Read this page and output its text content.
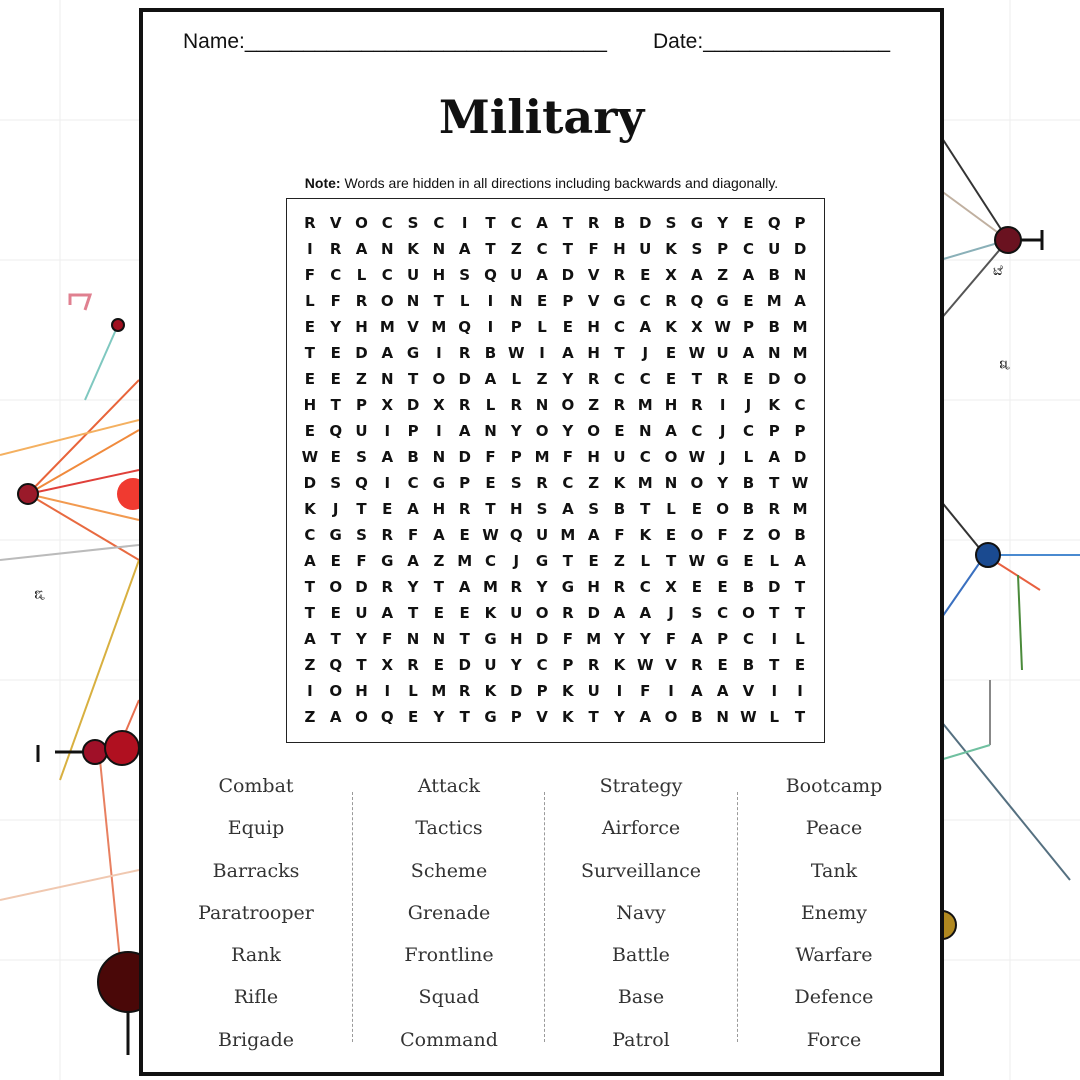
ಟೆ
ಡೆ
ಟೆ
Name:_______________________________ Date:________________
Military
Note: Words are hidden in all directions including backwards and diagonally.
R	V	O	C	S	C	I	T	C	A	T	R	B	D	S	G	Y	E	Q	P
I	R	A	N	K	N	A	T	Z	C	T	F	H	U	K	S	P	C	U	D
F	C	L	C	U	H	S	Q	U	A	D	V	R	E	X	A	Z	A	B	N
L	F	R	O	N	T	L	I	N	E	P	V	G	C	R	Q	G	E	M	A
E	Y	H	M	V	M	Q	I	P	L	E	H	C	A	K	X	W	P	B	M
T	E	D	A	G	I	R	B	W	I	A	H	T	J	E	W	U	A	N	M
E	E	Z	N	T	O	D	A	L	Z	Y	R	C	C	E	T	R	E	D	O
H	T	P	X	D	X	R	L	R	N	O	Z	R	M	H	R	I	J	K	C
E	Q	U	I	P	I	A	N	Y	O	Y	O	E	N	A	C	J	C	P	P
W	E	S	A	B	N	D	F	P	M	F	H	U	C	O	W	J	L	A	D
D	S	Q	I	C	G	P	E	S	R	C	Z	K	M	N	O	Y	B	T	W
K	J	T	E	A	H	R	T	H	S	A	S	B	T	L	E	O	B	R	M
C	G	S	R	F	A	E	W	Q	U	M	A	F	K	E	O	F	Z	O	B
A	E	F	G	A	Z	M	C	J	G	T	E	Z	L	T	W	G	E	L	A
T	O	D	R	Y	T	A	M	R	Y	G	H	R	C	X	E	E	B	D	T
T	E	U	A	T	E	E	K	U	O	R	D	A	A	J	S	C	O	T	T
A	T	Y	F	N	N	T	G	H	D	F	M	Y	Y	F	A	P	C	I	L
Z	Q	T	X	R	E	D	U	Y	C	P	R	K	W	V	R	E	B	T	E
I	O	H	I	L	M	R	K	D	P	K	U	I	F	I	A	A	V	I	I
Z	A	O	Q	E	Y	T	G	P	V	K	T	Y	A	O	B	N	W	L	T
Combat
Equip
Barracks
Paratrooper
Rank
Rifle
Brigade
Attack
Tactics
Scheme
Grenade
Frontline
Squad
Command
Strategy
Airforce
Surveillance
Navy
Battle
Base
Patrol
Bootcamp
Peace
Tank
Enemy
Warfare
Defence
Force
